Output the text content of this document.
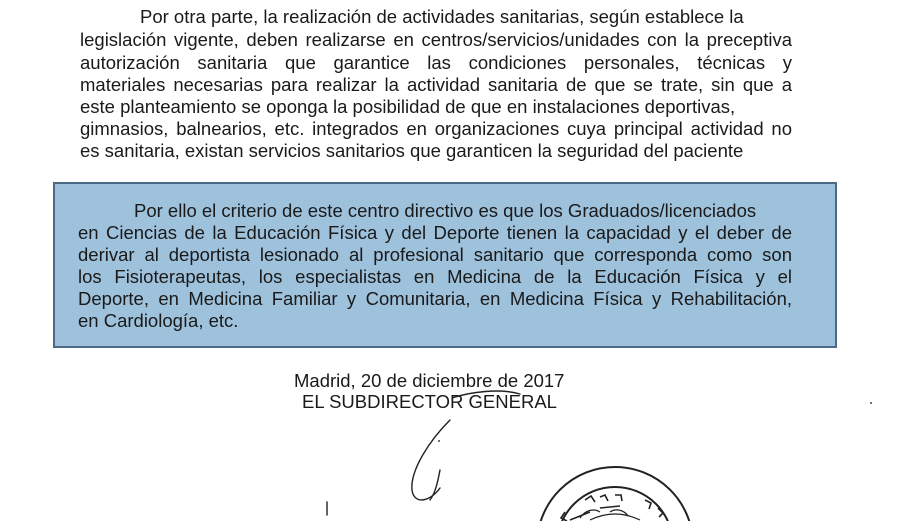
Por otra parte, la realización de actividades sanitarias, según establece la
legislación vigente, deben realizarse en centros/servicios/unidades con la preceptiva
autorización sanitaria que garantice las condiciones personales, técnicas y
materiales necesarias para realizar la actividad sanitaria de que se trate, sin que a
este planteamiento se oponga la posibilidad de que en instalaciones deportivas,
gimnasios, balnearios, etc. integrados en organizaciones cuya principal actividad no
es sanitaria, existan servicios sanitarios que garanticen la seguridad del paciente
Por ello el criterio de este centro directivo es que los Graduados/licenciados
en Ciencias de la Educación Física y del Deporte tienen la capacidad y el deber de
derivar al deportista lesionado al profesional sanitario que corresponda como son
los Fisioterapeutas, los especialistas en Medicina de la Educación Física y el
Deporte, en Medicina Familiar y Comunitaria, en Medicina Física y Rehabilitación,
en Cardiología, etc.
Madrid, 20 de diciembre de 2017
EL SUBDIRECTOR GENERAL
